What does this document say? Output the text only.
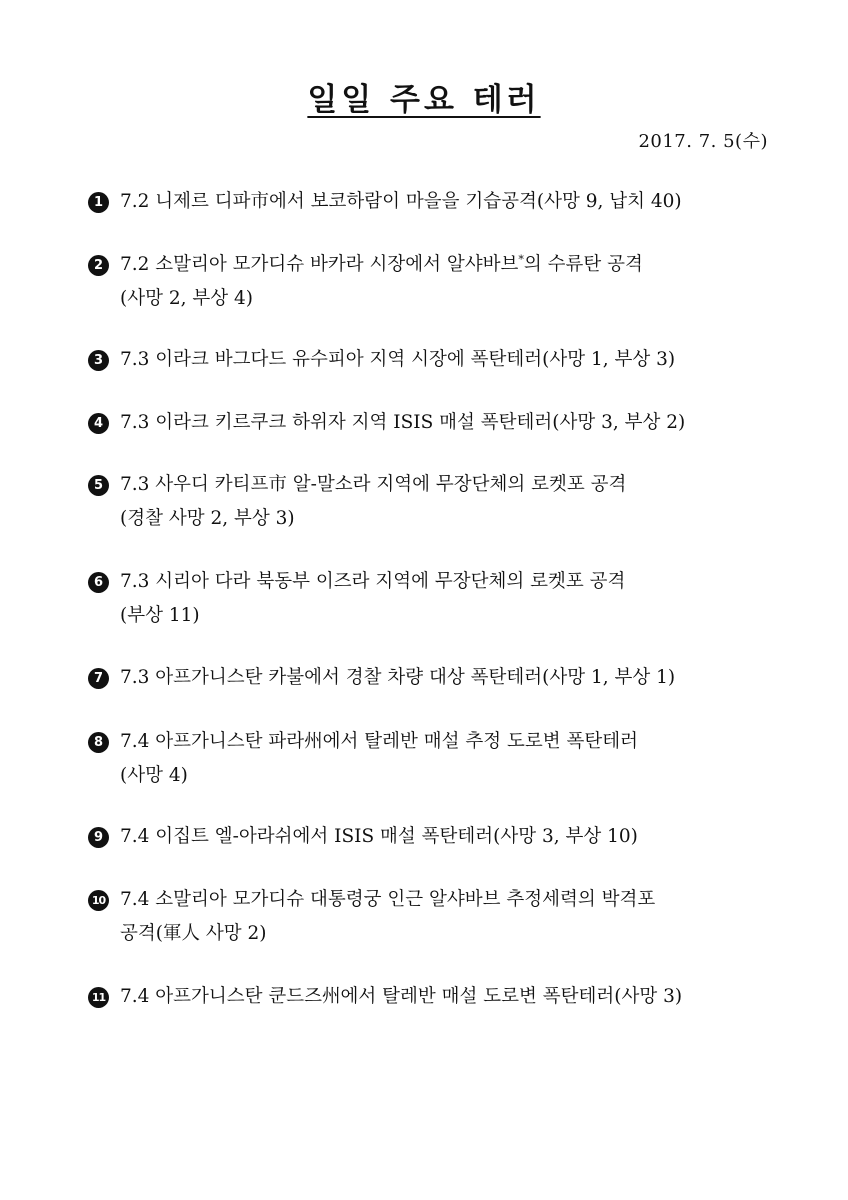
일일 주요 테러
2017. 7. 5(수)
1 7.2 니제르 디파市에서 보코하람이 마을을 기습공격(사망 9, 납치 40)
2 7.2 소말리아 모가디슈 바카라 시장에서 알샤바브*의 수류탄 공격
(사망 2, 부상 4)
3 7.3 이라크 바그다드 유수피아 지역 시장에 폭탄테러(사망 1, 부상 3)
4 7.3 이라크 키르쿠크 하위자 지역 ISIS 매설 폭탄테러(사망 3, 부상 2)
5 7.3 사우디 카티프市 알-말소라 지역에 무장단체의 로켓포 공격
(경찰 사망 2, 부상 3)
6 7.3 시리아 다라 북동부 이즈라 지역에 무장단체의 로켓포 공격
(부상 11)
7 7.3 아프가니스탄 카불에서 경찰 차량 대상 폭탄테러(사망 1, 부상 1)
8 7.4 아프가니스탄 파라州에서 탈레반 매설 추정 도로변 폭탄테러
(사망 4)
9 7.4 이집트 엘-아라쉬에서 ISIS 매설 폭탄테러(사망 3, 부상 10)
10 7.4 소말리아 모가디슈 대통령궁 인근 알샤바브 추정세력의 박격포
공격(軍人 사망 2)
11 7.4 아프가니스탄 쿤드즈州에서 탈레반 매설 도로변 폭탄테러(사망 3)
